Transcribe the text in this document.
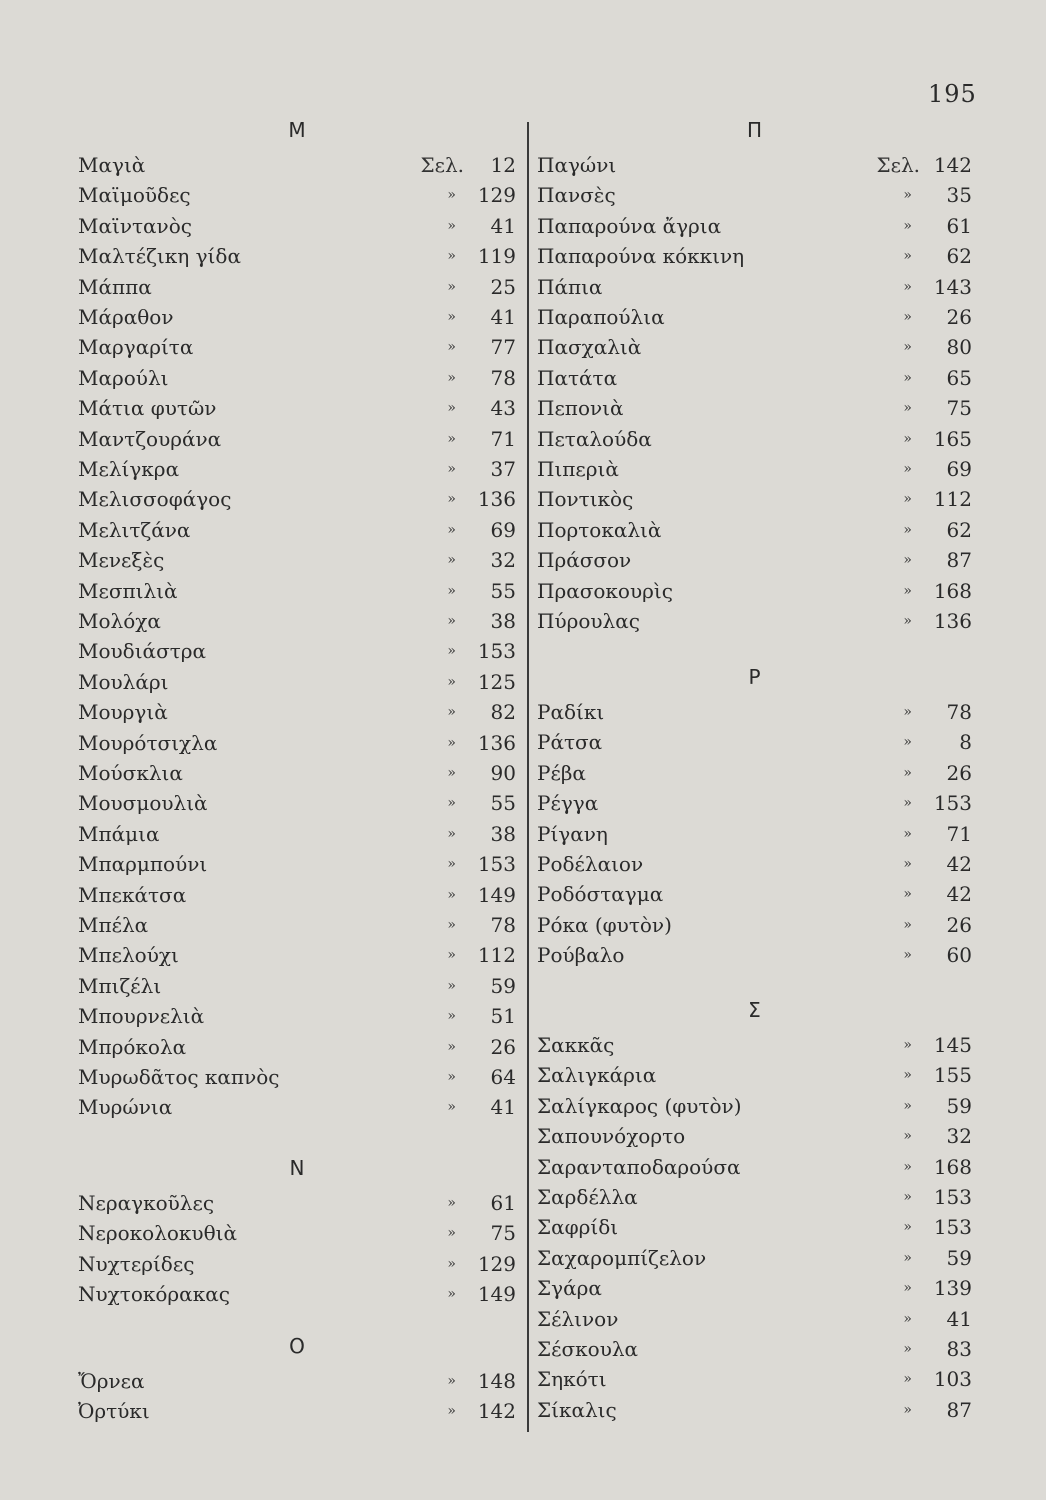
195
Μ
Μαγιὰ	Σελ. 12
Μαϊμοῦδες	» 129
Μαϊντανὸς	» 41
Μαλτέζικη γίδα	» 119
Μάππα	» 25
Μάραθον	» 41
Μαργαρίτα	» 77
Μαρούλι	» 78
Μάτια φυτῶν	» 43
Μαντζουράνα	» 71
Μελίγκρα	» 37
Μελισσοφάγος	» 136
Μελιτζάνα	» 69
Μενεξὲς	» 32
Μεσπιλιὰ	» 55
Μολόχα	» 38
Μουδιάστρα	» 153
Μουλάρι	» 125
Μουργιὰ	» 82
Μουρότσιχλα	» 136
Μούσκλια	» 90
Μουσμουλιὰ	» 55
Μπάμια	» 38
Μπαρμπούνι	» 153
Μπεκάτσα	» 149
Μπέλα	» 78
Μπελούχι	» 112
Μπιζέλι	» 59
Μπουρνελιὰ	» 51
Μπρόκολα	» 26
Μυρωδᾶτος καπνὸς	» 64
Μυρώνια	» 41
Ν
Νεραγκοῦλες	» 61
Νεροκολοκυθιὰ	» 75
Νυχτερίδες	» 129
Νυχτοκόρακας	» 149
Ο
Ὄρνεα	» 148
Ὀρτύκι	» 142
Π
Παγώνι	Σελ. 142
Πανσὲς	» 35
Παπαρούνα ἄγρια	» 61
Παπαρούνα κόκκινη	» 62
Πάπια	» 143
Παραπούλια	» 26
Πασχαλιὰ	» 80
Πατάτα	» 65
Πεπονιὰ	» 75
Πεταλούδα	» 165
Πιπεριὰ	» 69
Ποντικὸς	» 112
Πορτοκαλιὰ	» 62
Πράσσον	» 87
Πρασοκουρὶς	» 168
Πύρουλας	» 136
Ρ
Ραδίκι	» 78
Ράτσα	» 8
Ρέβα	» 26
Ρέγγα	» 153
Ρίγανη	» 71
Ροδέλαιον	» 42
Ροδόσταγμα	» 42
Ρόκα (φυτὸν)	» 26
Ρούβαλο	» 60
Σ
Σακκᾶς	» 145
Σαλιγκάρια	» 155
Σαλίγκαρος (φυτὸν)	» 59
Σαπουνόχορτο	» 32
Σαρανταποδαρούσα	» 168
Σαρδέλλα	» 153
Σαφρίδι	» 153
Σαχαρομπίζελον	» 59
Σγάρα	» 139
Σέλινον	» 41
Σέσκουλα	» 83
Σηκότι	» 103
Σίκαλις	» 87
